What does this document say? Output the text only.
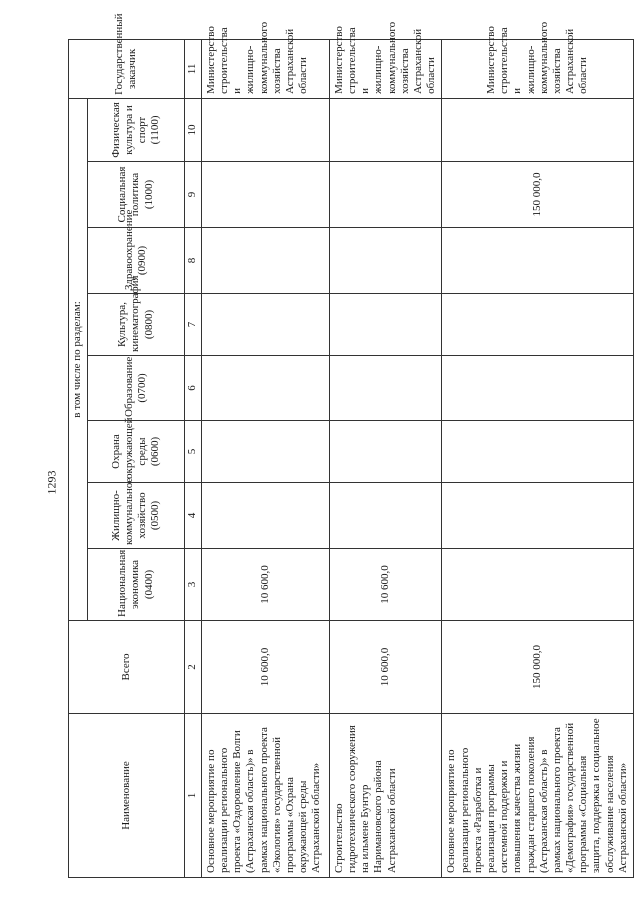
1293
Наименование	Всего	в том числе по разделам:								Государственный заказчик
		Национальная экономика (0400)	Жилищно-коммунальное хозяйство (0500)	Охрана окружающей среды (0600)	Образование (0700)	Культура, кинематография (0800)	Здравоохранение (0900)	Социальная политика (1000)	Физическая культура и спорт (1100)	
1	2	3	4	5	6	7	8	9	10	11
Основное мероприятие по реализации регионального проекта «Оздоровление Волги (Астраханская область)» в рамках национального проекта «Экология» государственной программы «Охрана окружающей среды Астраханской области»	10 600,0	10 600,0								Министерство строительства и жилищно-коммунального хозяйства Астраханской области
Строительство гидротехнического сооружения на ильмене Бунтур Наримановского района Астраханской области	10 600,0	10 600,0								Министерство строительства и жилищно-коммунального хозяйства Астраханской области
Основное мероприятие по реализации регионального проекта «Разработка и реализация программы системной поддержки и повышения качества жизни граждан старшего поколения (Астраханская область)» в рамках национального проекта «Демография» государственной программы «Социальная защита, поддержка и социальное обслуживание населения Астраханской области»	150 000,0							150 000,0		Министерство строительства и жилищно-коммунального хозяйства Астраханской области
